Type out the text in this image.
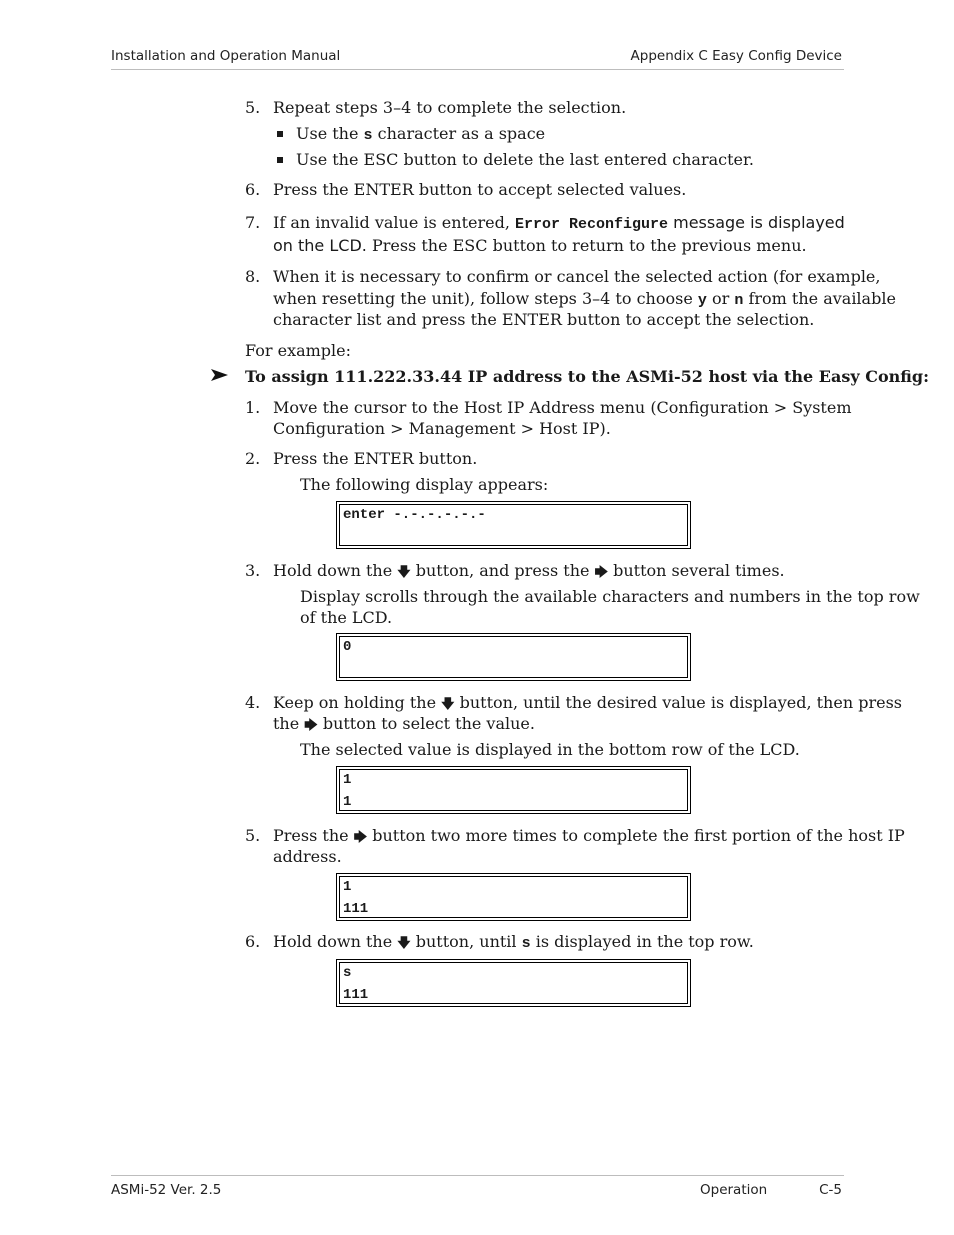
Installation and Operation Manual	Appendix C Easy Config Device
5. Repeat steps 3–4 to complete the selection.
Use the s character as a space
Use the ESC button to delete the last entered character.
6. Press the ENTER button to accept selected values.
7. If an invalid value is entered, Error Reconfigure message is displayed
on the LCD. Press the ESC button to return to the previous menu.
8. When it is necessary to confirm or cancel the selected action (for example,
when resetting the unit), follow steps 3–4 to choose y or n from the available
character list and press the ENTER button to accept the selection.
For example:
To assign 111.222.33.44 IP address to the ASMi-52 host via the Easy Config:
1. Move the cursor to the Host IP Address menu (Configuration > System
Configuration > Management > Host IP).
2. Press the ENTER button.
The following display appears:
enter -.-.-.-.-.-
3. Hold down the 🡇 button, and press the 🡆 button several times.
Display scrolls through the available characters and numbers in the top row
of the LCD.
0
4. Keep on holding the 🡇 button, until the desired value is displayed, then press
the 🡆 button to select the value.
The selected value is displayed in the bottom row of the LCD.
1
1
5. Press the 🡆 button two more times to complete the first portion of the host IP
address.
1
111
6. Hold down the 🡇 button, until s is displayed in the top row.
s
111
ASMi-52 Ver. 2.5	Operation	C-5
